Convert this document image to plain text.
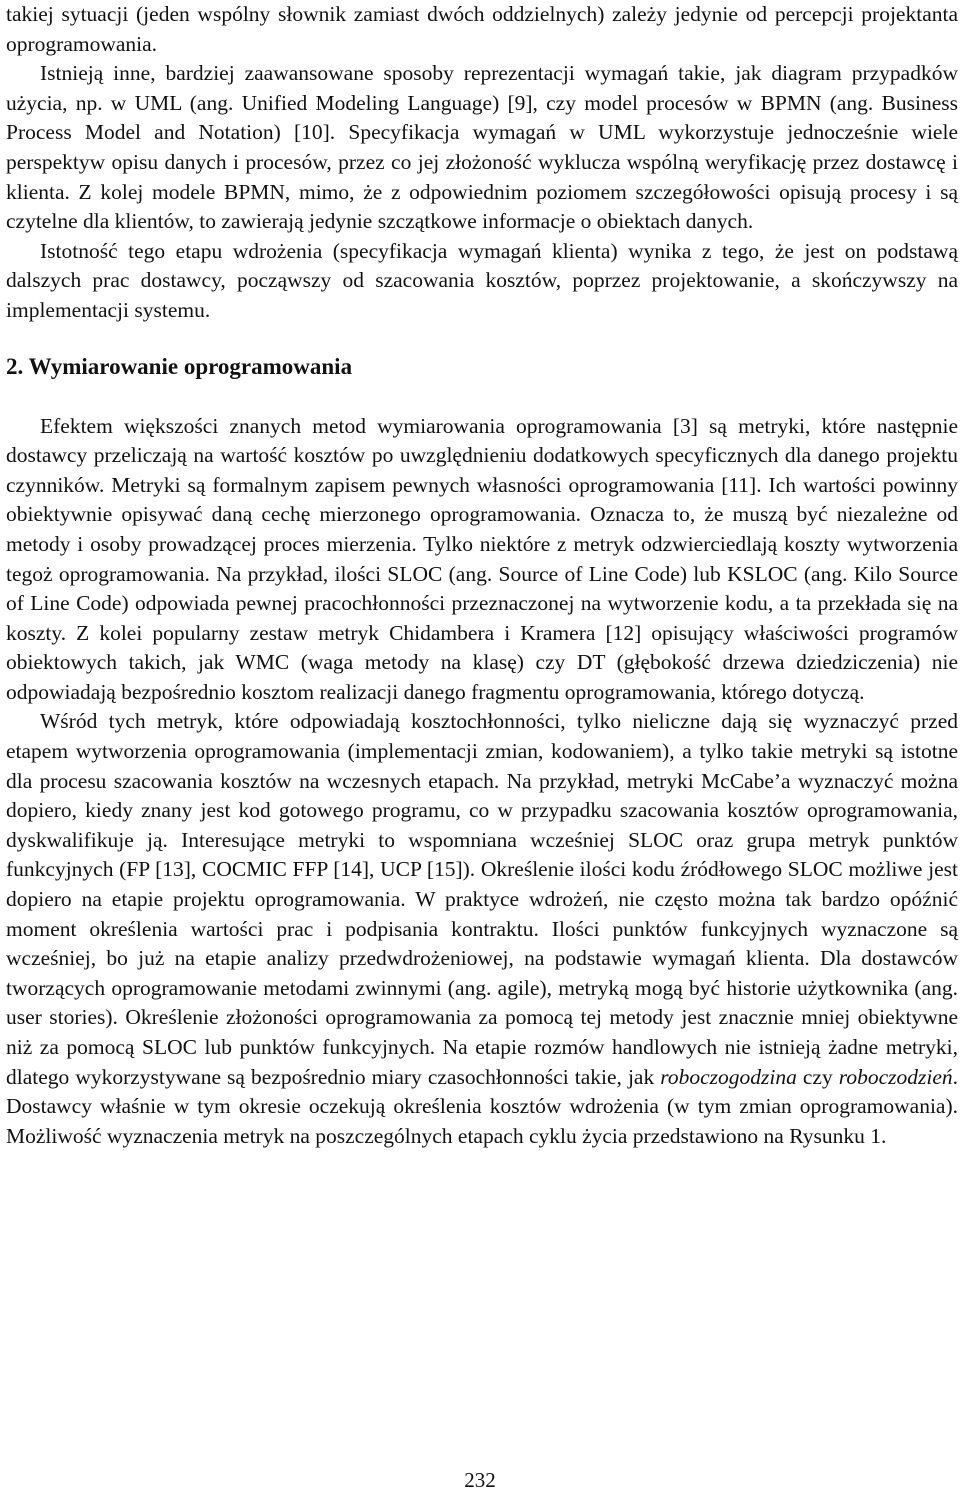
takiej sytuacji (jeden wspólny słownik zamiast dwóch oddzielnych) zależy jedynie od percepcji projektanta oprogramowania.

Istnieją inne, bardziej zaawansowane sposoby reprezentacji wymagań takie, jak diagram przypadków użycia, np. w UML (ang. Unified Modeling Language) [9], czy model procesów w BPMN (ang. Business Process Model and Notation) [10]. Specyfikacja wymagań w UML wykorzystuje jednocześnie wiele perspektyw opisu danych i procesów, przez co jej złożoność wyklucza wspólną weryfikację przez dostawcę i klienta. Z kolej modele BPMN, mimo, że z odpowiednim poziomem szczegółowości opisują procesy i są czytelne dla klientów, to zawierają jedynie szczątkowe informacje o obiektach danych.

Istotność tego etapu wdrożenia (specyfikacja wymagań klienta) wynika z tego, że jest on podstawą dalszych prac dostawcy, począwszy od szacowania kosztów, poprzez projektowanie, a skończywszy na implementacji systemu.

2. Wymiarowanie oprogramowania

Efektem większości znanych metod wymiarowania oprogramowania [3] są metryki, które następnie dostawcy przeliczają na wartość kosztów po uwzględnieniu dodatkowych specyficznych dla danego projektu czynników. Metryki są formalnym zapisem pewnych własności oprogramowania [11]. Ich wartości powinny obiektywnie opisywać daną cechę mierzonego oprogramowania. Oznacza to, że muszą być niezależne od metody i osoby prowadzącej proces mierzenia. Tylko niektóre z metryk odzwierciedlają koszty wytworzenia tegoż oprogramowania. Na przykład, ilości SLOC (ang. Source of Line Code) lub KSLOC (ang. Kilo Source of Line Code) odpowiada pewnej pracochłonności przeznaczonej na wytworzenie kodu, a ta przekłada się na koszty. Z kolei popularny zestaw metryk Chidambera i Kramera [12] opisujący właściwości programów obiektowych takich, jak WMC (waga metody na klasę) czy DT (głębokość drzewa dziedziczenia) nie odpowiadają bezpośrednio kosztom realizacji danego fragmentu oprogramowania, którego dotyczą.

Wśród tych metryk, które odpowiadają kosztochłonności, tylko nieliczne dają się wyznaczyć przed etapem wytworzenia oprogramowania (implementacji zmian, kodowaniem), a tylko takie metryki są istotne dla procesu szacowania kosztów na wczesnych etapach. Na przykład, metryki McCabe’a wyznaczyć można dopiero, kiedy znany jest kod gotowego programu, co w przypadku szacowania kosztów oprogramowania, dyskwalifikuje ją. Interesujące metryki to wspomniana wcześniej SLOC oraz grupa metryk punktów funkcyjnych (FP [13], COCMIC FFP [14], UCP [15]). Określenie ilości kodu źródłowego SLOC możliwe jest dopiero na etapie projektu oprogramowania. W praktyce wdrożeń, nie często można tak bardzo opóźnić moment określenia wartości prac i podpisania kontraktu. Ilości punktów funkcyjnych wyznaczone są wcześniej, bo już na etapie analizy przedwdrożeniowej, na podstawie wymagań klienta. Dla dostawców tworzących oprogramowanie metodami zwinnymi (ang. agile), metryką mogą być historie użytkownika (ang. user stories). Określenie złożoności oprogramowania za pomocą tej metody jest znacznie mniej obiektywne niż za pomocą SLOC lub punktów funkcyjnych. Na etapie rozmów handlowych nie istnieją żadne metryki, dlatego wykorzystywane są bezpośrednio miary czasochłonności takie, jak roboczogodzina czy roboczodzień. Dostawcy właśnie w tym okresie oczekują określenia kosztów wdrożenia (w tym zmian oprogramowania). Możliwość wyznaczenia metryk na poszczególnych etapach cyklu życia przedstawiono na Rysunku 1.

232
